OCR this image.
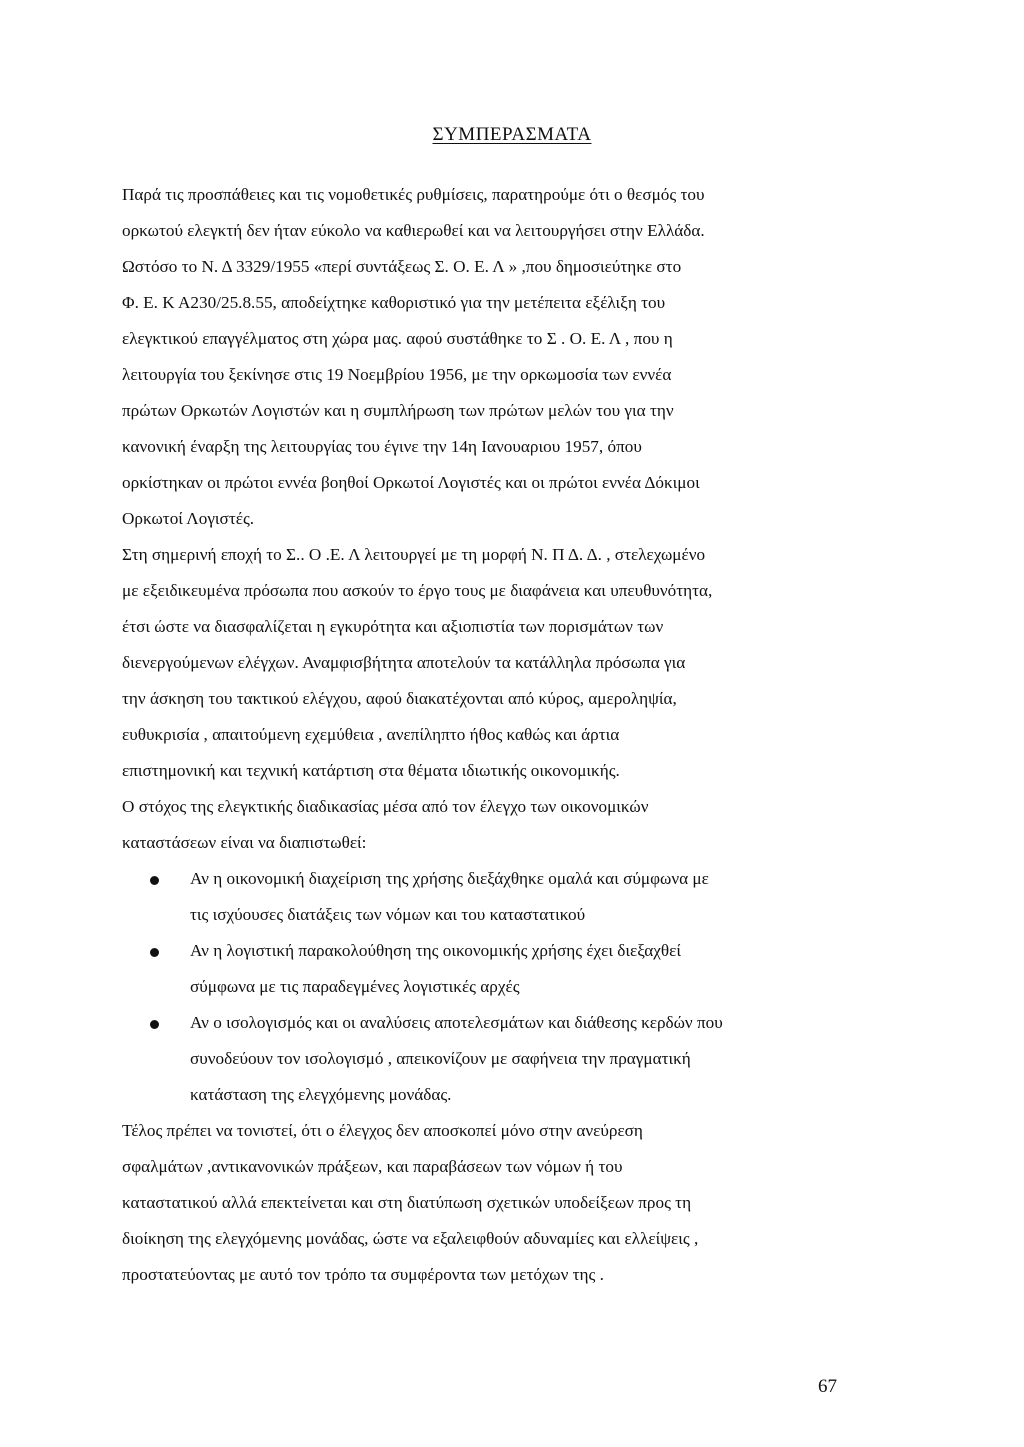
ΣΥΜΠΕΡΑΣΜΑΤΑ
Παρά τις προσπάθειες και τις νομοθετικές ρυθμίσεις, παρατηρούμε ότι ο θεσμός του
ορκωτού ελεγκτή δεν ήταν εύκολο να καθιερωθεί και να λειτουργήσει στην Ελλάδα.
Ωστόσο το Ν. Δ 3329/1955 «περί συντάξεως Σ. Ο. Ε. Λ » ,που δημοσιεύτηκε στο
Φ. Ε. Κ Α230/25.8.55, αποδείχτηκε καθοριστικό για την μετέπειτα εξέλιξη του
ελεγκτικού επαγγέλματος στη χώρα μας. αφού συστάθηκε το Σ . Ο. Ε. Λ , που η
λειτουργία του ξεκίνησε στις 19 Νοεμβρίου 1956, με την ορκωμοσία των εννέα
πρώτων Ορκωτών Λογιστών και η συμπλήρωση των πρώτων μελών του για την
κανονική έναρξη της λειτουργίας του έγινε την 14η Ιανουαριου 1957, όπου
ορκίστηκαν οι πρώτοι εννέα βοηθοί Ορκωτοί Λογιστές και οι πρώτοι εννέα Δόκιμοι
Ορκωτοί Λογιστές.
Στη σημερινή εποχή το Σ.. Ο .Ε. Λ λειτουργεί με τη μορφή Ν. Π Δ. Δ. , στελεχωμένο
με εξειδικευμένα πρόσωπα που ασκούν το έργο τους με διαφάνεια και υπευθυνότητα,
έτσι ώστε να διασφαλίζεται η εγκυρότητα και αξιοπιστία των πορισμάτων των
διενεργούμενων ελέγχων. Αναμφισβήτητα αποτελούν τα κατάλληλα πρόσωπα για
την άσκηση του τακτικού ελέγχου, αφού διακατέχονται από κύρος, αμεροληψία,
ευθυκρισία , απαιτούμενη εχεμύθεια , ανεπίληπτο ήθος καθώς και άρτια
επιστημονική και τεχνική κατάρτιση στα θέματα ιδιωτικής οικονομικής.
Ο στόχος της ελεγκτικής διαδικασίας μέσα από τον έλεγχο των οικονομικών
καταστάσεων είναι να διαπιστωθεί:
Αν η οικονομική διαχείριση της χρήσης διεξάχθηκε ομαλά και σύμφωνα με
τις ισχύουσες διατάξεις των νόμων και του καταστατικού
Αν η λογιστική παρακολούθηση της οικονομικής χρήσης έχει διεξαχθεί
σύμφωνα με τις παραδεγμένες λογιστικές αρχές
Αν ο ισολογισμός και οι αναλύσεις αποτελεσμάτων και διάθεσης κερδών που
συνοδεύουν τον ισολογισμό , απεικονίζουν με σαφήνεια την πραγματική
κατάσταση της ελεγχόμενης μονάδας.
Τέλος πρέπει να τονιστεί, ότι ο έλεγχος δεν αποσκοπεί μόνο στην ανεύρεση
σφαλμάτων ,αντικανονικών πράξεων, και παραβάσεων των νόμων ή του
καταστατικού αλλά επεκτείνεται και στη διατύπωση σχετικών υποδείξεων προς τη
διοίκηση της ελεγχόμενης μονάδας, ώστε να εξαλειφθούν αδυναμίες και ελλείψεις ,
προστατεύοντας με αυτό τον τρόπο τα συμφέροντα των μετόχων της .
67
